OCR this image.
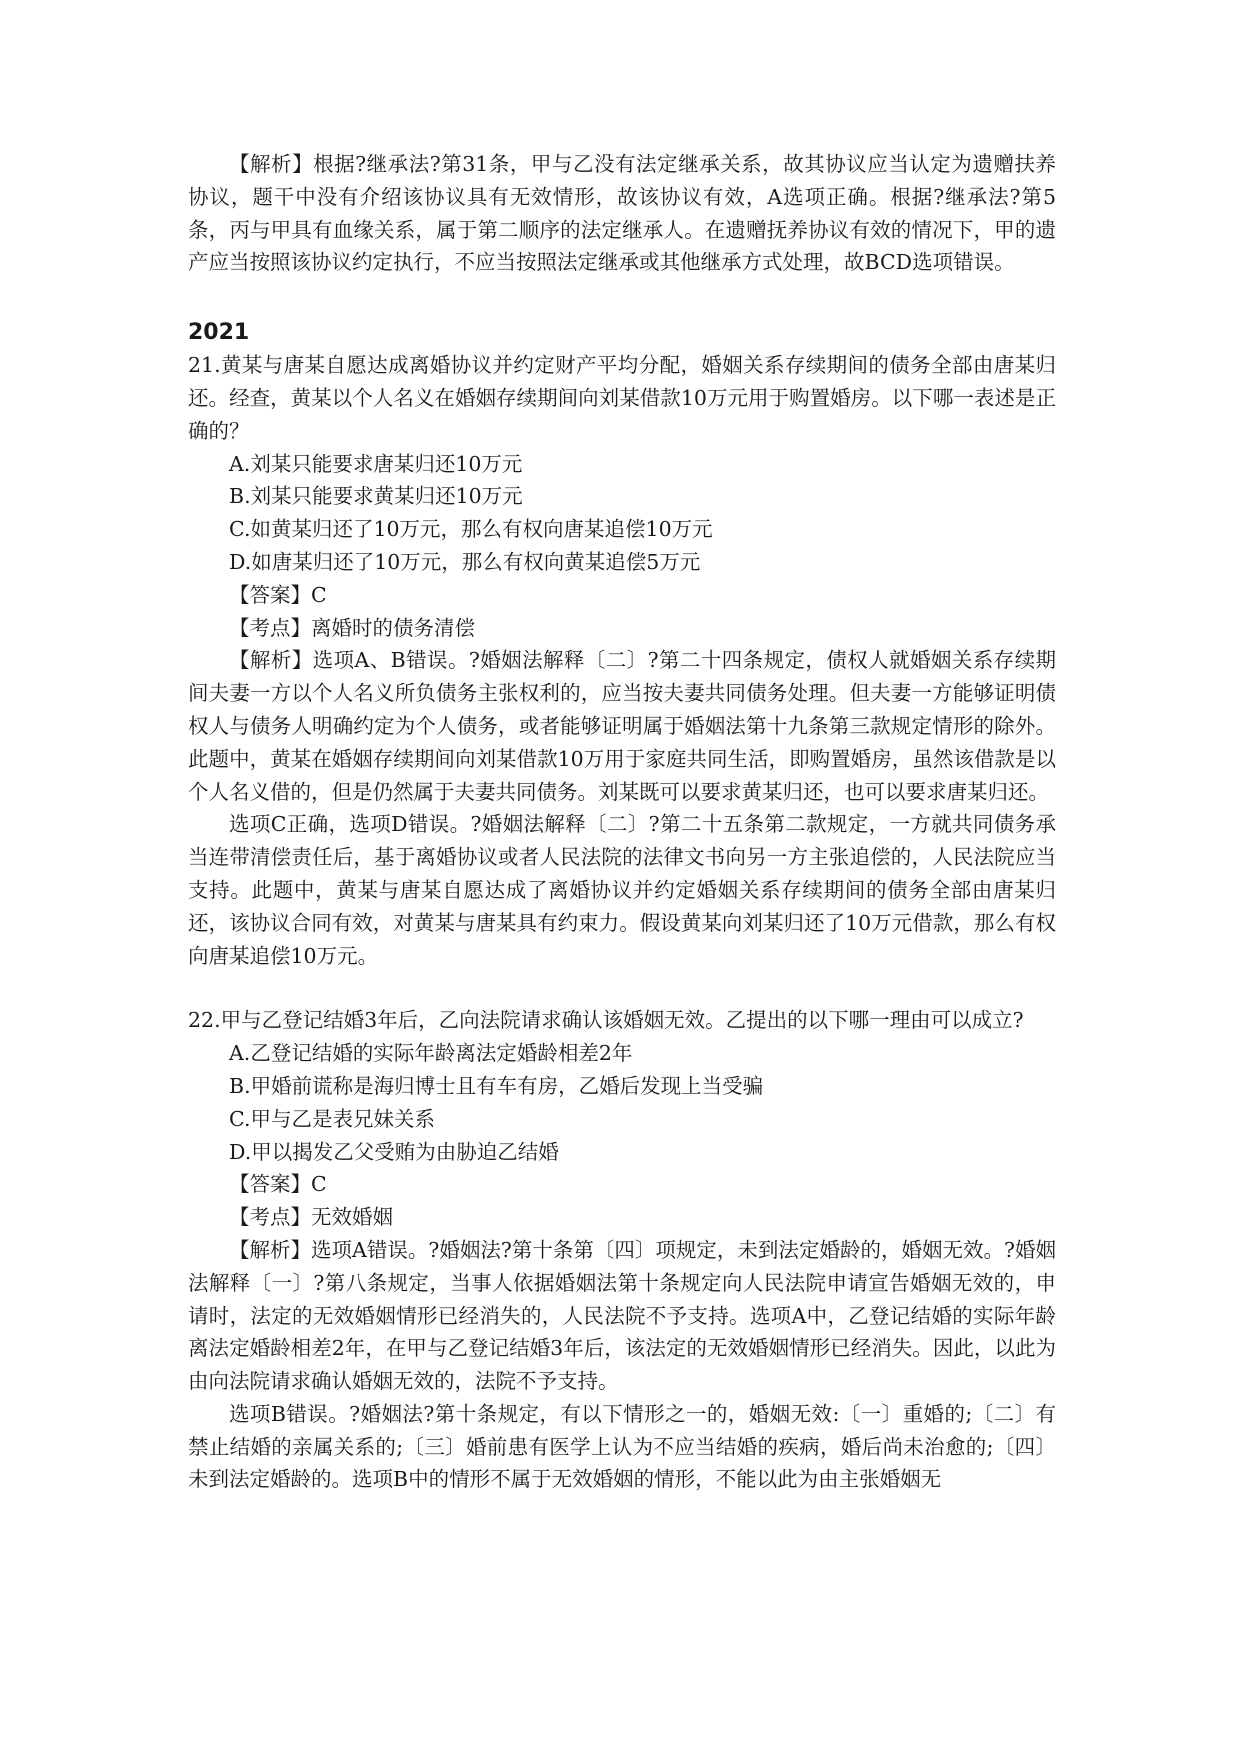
【解析】根据?继承法?第31条，甲与乙没有法定继承关系，故其协议应当认定为遗赠扶养协议，题干中没有介绍该协议具有无效情形，故该协议有效，A选项正确。根据?继承法?第5条，丙与甲具有血缘关系，属于第二顺序的法定继承人。在遗赠抚养协议有效的情况下，甲的遗产应当按照该协议约定执行，不应当按照法定继承或其他继承方式处理，故BCD选项错误。

2021

21.黄某与唐某自愿达成离婚协议并约定财产平均分配，婚姻关系存续期间的债务全部由唐某归还。经查，黄某以个人名义在婚姻存续期间向刘某借款10万元用于购置婚房。以下哪一表述是正确的？

A.刘某只能要求唐某归还10万元

B.刘某只能要求黄某归还10万元

C.如黄某归还了10万元，那么有权向唐某追偿10万元

D.如唐某归还了10万元，那么有权向黄某追偿5万元

【答案】C

【考点】离婚时的债务清偿

【解析】选项A、B错误。?婚姻法解释〔二〕?第二十四条规定，债权人就婚姻关系存续期间夫妻一方以个人名义所负债务主张权利的，应当按夫妻共同债务处理。但夫妻一方能够证明债权人与债务人明确约定为个人债务，或者能够证明属于婚姻法第十九条第三款规定情形的除外。此题中，黄某在婚姻存续期间向刘某借款10万用于家庭共同生活，即购置婚房，虽然该借款是以个人名义借的，但是仍然属于夫妻共同债务。刘某既可以要求黄某归还，也可以要求唐某归还。

选项C正确，选项D错误。?婚姻法解释〔二〕?第二十五条第二款规定，一方就共同债务承当连带清偿责任后，基于离婚协议或者人民法院的法律文书向另一方主张追偿的，人民法院应当支持。此题中，黄某与唐某自愿达成了离婚协议并约定婚姻关系存续期间的债务全部由唐某归还，该协议合同有效，对黄某与唐某具有约束力。假设黄某向刘某归还了10万元借款，那么有权向唐某追偿10万元。

22.甲与乙登记结婚3年后，乙向法院请求确认该婚姻无效。乙提出的以下哪一理由可以成立?

A.乙登记结婚的实际年龄离法定婚龄相差2年

B.甲婚前谎称是海归博士且有车有房，乙婚后发现上当受骗

C.甲与乙是表兄妹关系

D.甲以揭发乙父受贿为由胁迫乙结婚

【答案】C

【考点】无效婚姻

【解析】选项A错误。?婚姻法?第十条第〔四〕项规定，未到法定婚龄的，婚姻无效。?婚姻法解释〔一〕?第八条规定，当事人依据婚姻法第十条规定向人民法院申请宣告婚姻无效的，申请时，法定的无效婚姻情形已经消失的，人民法院不予支持。选项A中，乙登记结婚的实际年龄离法定婚龄相差2年，在甲与乙登记结婚3年后，该法定的无效婚姻情形已经消失。因此，以此为由向法院请求确认婚姻无效的，法院不予支持。

选项B错误。?婚姻法?第十条规定，有以下情形之一的，婚姻无效:〔一〕重婚的;〔二〕有禁止结婚的亲属关系的;〔三〕婚前患有医学上认为不应当结婚的疾病，婚后尚未治愈的;〔四〕未到法定婚龄的。选项B中的情形不属于无效婚姻的情形，不能以此为由主张婚姻无
